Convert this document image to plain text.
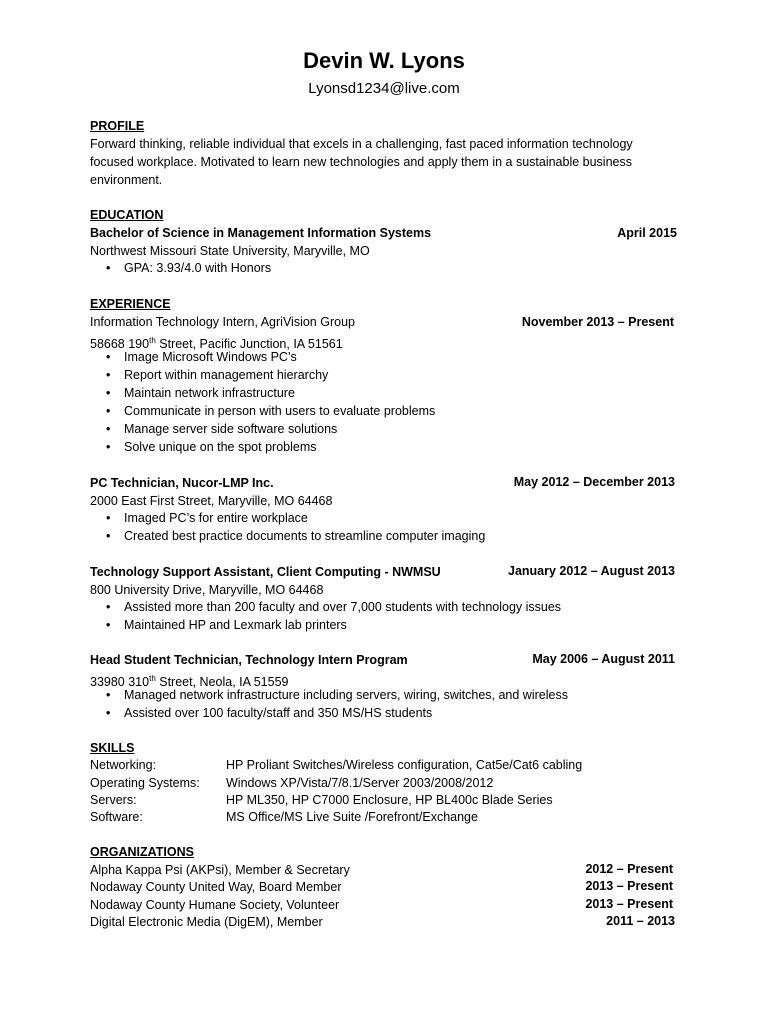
Devin W. Lyons
Lyonsd1234@live.com
PROFILE
Forward thinking, reliable individual that excels in a challenging, fast paced information technology
focused workplace. Motivated to learn new technologies and apply them in a sustainable business
environment.
EDUCATION
Bachelor of Science in Management Information Systems	April 2015
Northwest Missouri State University, Maryville, MO
• GPA: 3.93/4.0 with Honors
EXPERIENCE
Information Technology Intern, AgriVision Group	November 2013 – Present
58668 190th Street, Pacific Junction, IA 51561
• Image Microsoft Windows PC’s
• Report within management hierarchy
• Maintain network infrastructure
• Communicate in person with users to evaluate problems
• Manage server side software solutions
• Solve unique on the spot problems
PC Technician, Nucor-LMP Inc.	May 2012 – December 2013
2000 East First Street, Maryville, MO 64468
• Imaged PC’s for entire workplace
• Created best practice documents to streamline computer imaging
Technology Support Assistant, Client Computing - NWMSU	January 2012 – August 2013
800 University Drive, Maryville, MO 64468
• Assisted more than 200 faculty and over 7,000 students with technology issues
• Maintained HP and Lexmark lab printers
Head Student Technician, Technology Intern Program	May 2006 – August 2011
33980 310th Street, Neola, IA 51559
• Managed network infrastructure including servers, wiring, switches, and wireless
• Assisted over 100 faculty/staff and 350 MS/HS students
SKILLS
Networking:	HP Proliant Switches/Wireless configuration, Cat5e/Cat6 cabling
Operating Systems: Windows XP/Vista/7/8.1/Server 2003/2008/2012
Servers:	HP ML350, HP C7000 Enclosure, HP BL400c Blade Series
Software:	MS Office/MS Live Suite /Forefront/Exchange
ORGANIZATIONS
Alpha Kappa Psi (AKPsi), Member & Secretary	2012 – Present
Nodaway County United Way, Board Member	2013 – Present
Nodaway County Humane Society, Volunteer	2013 – Present
Digital Electronic Media (DigEM), Member	2011 – 2013
